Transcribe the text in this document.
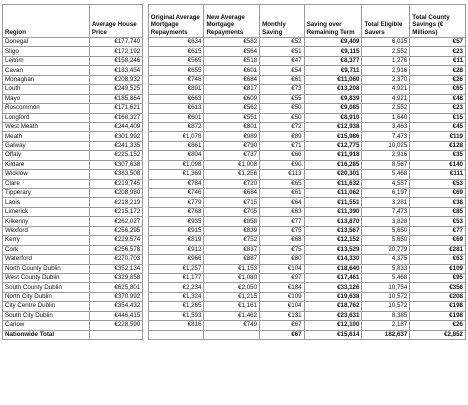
Region	Average House Price		Original Average Mortgage Repayments	New Average Mortgage Repayments	Monthly Saving	Saving over Remaining Term	Total Eligible Savers	Total County Savings (€ Millions)
Donegal	€177,740		€634	€582	€52	€9,409	6,015	€57
Sligo	€172,192		€615	€564	€51	€9,115	2,552	€23
Leitrim	€158,246		€565	€518	€47	€8,377	1,276	€11
Cavan	€183,454		€655	€601	€54	€9,711	2,916	€28
Monaghan	€208,932		€746	€684	€61	€11,060	2,370	€26
Louth	€249,525		€891	€817	€73	€13,208	4,921	€65
Mayo	€185,864		€663	€609	€55	€9,839	4,921	€48
Roscommon	€171,621		€613	€562	€50	€9,085	2,552	€23
Longford	€168,327		€601	€551	€50	€8,910	1,640	€15
West Meath	€244,409		€872	€801	€72	€12,938	3,463	€45
Meath	€301,992		€1,078	€989	€89	€15,986	7,473	€119
Galway	€241,335		€861	€790	€71	€12,775	10,025	€128
Offaly	€225,152		€804	€737	€66	€11,918	2,916	€35
Kildare	€307,638		€1,098	€1,008	€90	€16,285	8,567	€140
Wicklow	€383,508		€1,369	€1,256	€113	€20,301	5,468	€111
Clare	€219,745		€784	€720	€65	€11,632	4,557	€53
Tipperary	€208,980		€746	€684	€61	€11,062	6,197	€69
Laois	€218,219		€779	€715	€64	€11,551	3,281	€38
Limerick	€215,172		€768	€705	€63	€11,390	7,473	€85
Kilkenny	€262,027		€935	€858	€77	€13,870	3,828	€53
Wexford	€256,295		€915	€839	€75	€13,567	5,650	€77
Kerry	€229,574		€819	€752	€68	€12,152	5,650	€69
Cork	€256,578		€912	€837	€75	€13,529	20,779	€281
Waterford	€270,703		€966	€887	€80	€14,330	4,375	€63
North County Dublin	€352,134		€1,257	€1,153	€104	€18,640	5,833	€109
West County Dublin	€329,858		€1,177	€1,080	€97	€17,461	5,468	€95
South County Dublin	€625,801		€2,234	€2,050	€184	€33,126	10,754	€356
North City Dublin	€370,992		€1,324	€1,215	€109	€19,638	10,572	€208
City Centre Dublin	€354,432		€1,265	€1,161	€104	€18,762	10,572	€198
South City Dublin	€446,415		€1,593	€1,462	€131	€23,631	8,385	€198
Carlow	€228,590		€816	€749	€67	€12,100	2,187	€26
Nationwide Total					€67	€15,614	182,637	€2,852
